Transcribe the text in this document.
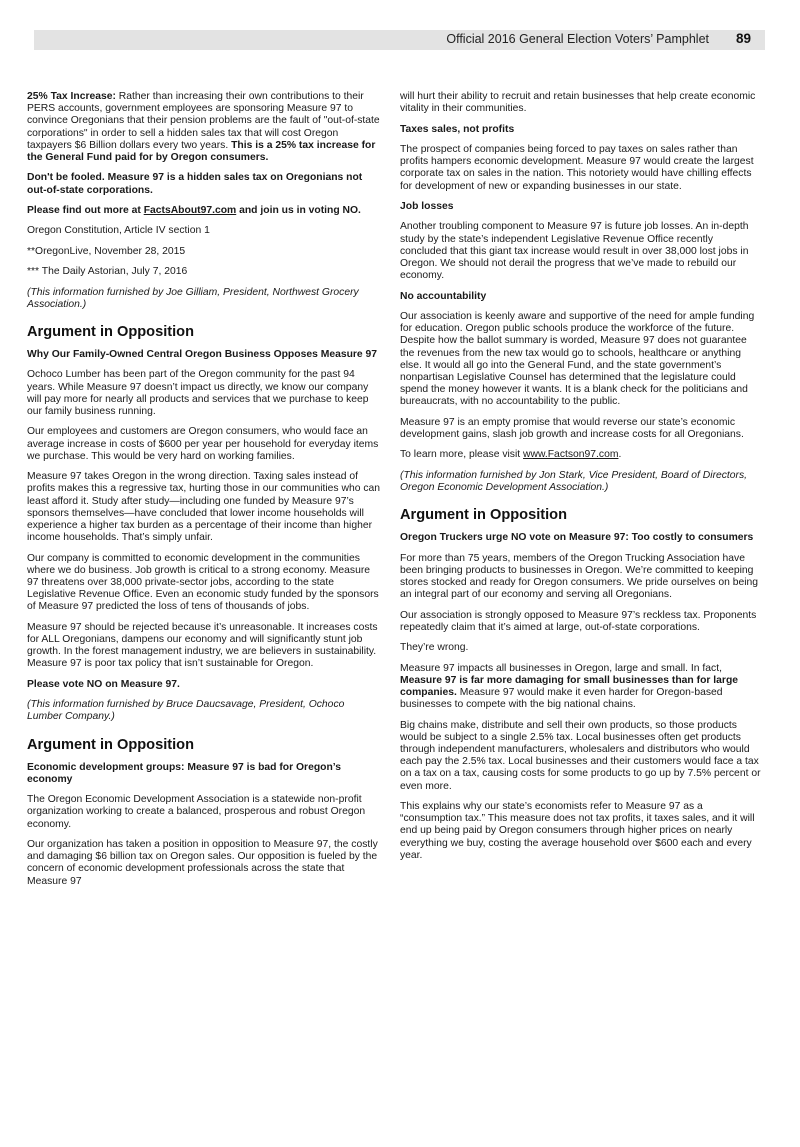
Official 2016 General Election Voters’ Pamphlet 89

25% Tax Increase: Rather than increasing their own contributions to their PERS accounts, government employees are sponsoring Measure 97 to convince Oregonians that their pension problems are the fault of "out-of-state corporations" in order to sell a hidden sales tax that will cost Oregon taxpayers $6 Billion dollars every two years. This is a 25% tax increase for the General Fund paid for by Oregon consumers.

Don't be fooled. Measure 97 is a hidden sales tax on Oregonians not out-of-state corporations.

Please find out more at FactsAbout97.com and join us in voting NO.

Oregon Constitution, Article IV section 1

**OregonLive, November 28, 2015

*** The Daily Astorian, July 7, 2016

(This information furnished by Joe Gilliam, President, Northwest Grocery Association.)

Argument in Opposition
Why Our Family-Owned Central Oregon Business Opposes Measure 97

Ochoco Lumber has been part of the Oregon community for the past 94 years. While Measure 97 doesn’t impact us directly, we know our company will pay more for nearly all products and services that we purchase to keep our family business running.

Our employees and customers are Oregon consumers, who would face an average increase in costs of $600 per year per household for everyday items we purchase. This would be very hard on working families.

Measure 97 takes Oregon in the wrong direction. Taxing sales instead of profits makes this a regressive tax, hurting those in our communities who can least afford it. Study after study—including one funded by Measure 97’s sponsors themselves—have concluded that lower income households will experience a higher tax burden as a percentage of their income than higher income households. That’s simply unfair.

Our company is committed to economic development in the communities where we do business. Job growth is critical to a strong economy. Measure 97 threatens over 38,000 private-sector jobs, according to the state Legislative Revenue Office. Even an economic study funded by the sponsors of Measure 97 predicted the loss of tens of thousands of jobs.

Measure 97 should be rejected because it’s unreasonable. It increases costs for ALL Oregonians, dampens our economy and will significantly stunt job growth. In the forest management industry, we are believers in sustainability. Measure 97 is poor tax policy that isn’t sustainable for Oregon.

Please vote NO on Measure 97.

(This information furnished by Bruce Daucsavage, President, Ochoco Lumber Company.)

Argument in Opposition
Economic development groups: Measure 97 is bad for Oregon’s economy

The Oregon Economic Development Association is a statewide non-profit organization working to create a balanced, prosperous and robust Oregon economy.

Our organization has taken a position in opposition to Measure 97, the costly and damaging $6 billion tax on Oregon sales. Our opposition is fueled by the concern of economic development professionals across the state that Measure 97

will hurt their ability to recruit and retain businesses that help create economic vitality in their communities.

Taxes sales, not profits

The prospect of companies being forced to pay taxes on sales rather than profits hampers economic development. Measure 97 would create the largest corporate tax on sales in the nation. This notoriety would have chilling effects for development of new or expanding businesses in our state.

Job losses

Another troubling component to Measure 97 is future job losses. An in-depth study by the state’s independent Legislative Revenue Office recently concluded that this giant tax increase would result in over 38,000 lost jobs in Oregon. We should not derail the progress that we’ve made to rebuild our economy.

No accountability

Our association is keenly aware and supportive of the need for ample funding for education. Oregon public schools produce the workforce of the future. Despite how the ballot summary is worded, Measure 97 does not guarantee the revenues from the new tax would go to schools, healthcare or anything else. It would all go into the General Fund, and the state government’s nonpartisan Legislative Counsel has determined that the legislature could spend the money however it wants. It is a blank check for the politicians and bureaucrats, with no accountability to the public.

Measure 97 is an empty promise that would reverse our state’s economic development gains, slash job growth and increase costs for all Oregonians.

To learn more, please visit www.Factson97.com.

(This information furnished by Jon Stark, Vice President, Board of Directors, Oregon Economic Development Association.)

Argument in Opposition
Oregon Truckers urge NO vote on Measure 97: Too costly to consumers

For more than 75 years, members of the Oregon Trucking Association have been bringing products to businesses in Oregon. We’re committed to keeping stores stocked and ready for Oregon consumers. We pride ourselves on being an integral part of our economy and serving all Oregonians.

Our association is strongly opposed to Measure 97’s reckless tax. Proponents repeatedly claim that it’s aimed at large, out-of-state corporations.

They’re wrong.

Measure 97 impacts all businesses in Oregon, large and small. In fact, Measure 97 is far more damaging for small businesses than for large companies. Measure 97 would make it even harder for Oregon-based businesses to compete with the big national chains.

Big chains make, distribute and sell their own products, so those products would be subject to a single 2.5% tax. Local businesses often get products through independent manufacturers, wholesalers and distributors who would each pay the 2.5% tax. Local businesses and their customers would face a tax on a tax on a tax, causing costs for some products to go up by 7.5% percent or even more.

This explains why our state’s economists refer to Measure 97 as a “consumption tax.” This measure does not tax profits, it taxes sales, and it will end up being paid by Oregon consumers through higher prices on nearly everything we buy, costing the average household over $600 each and every year.
